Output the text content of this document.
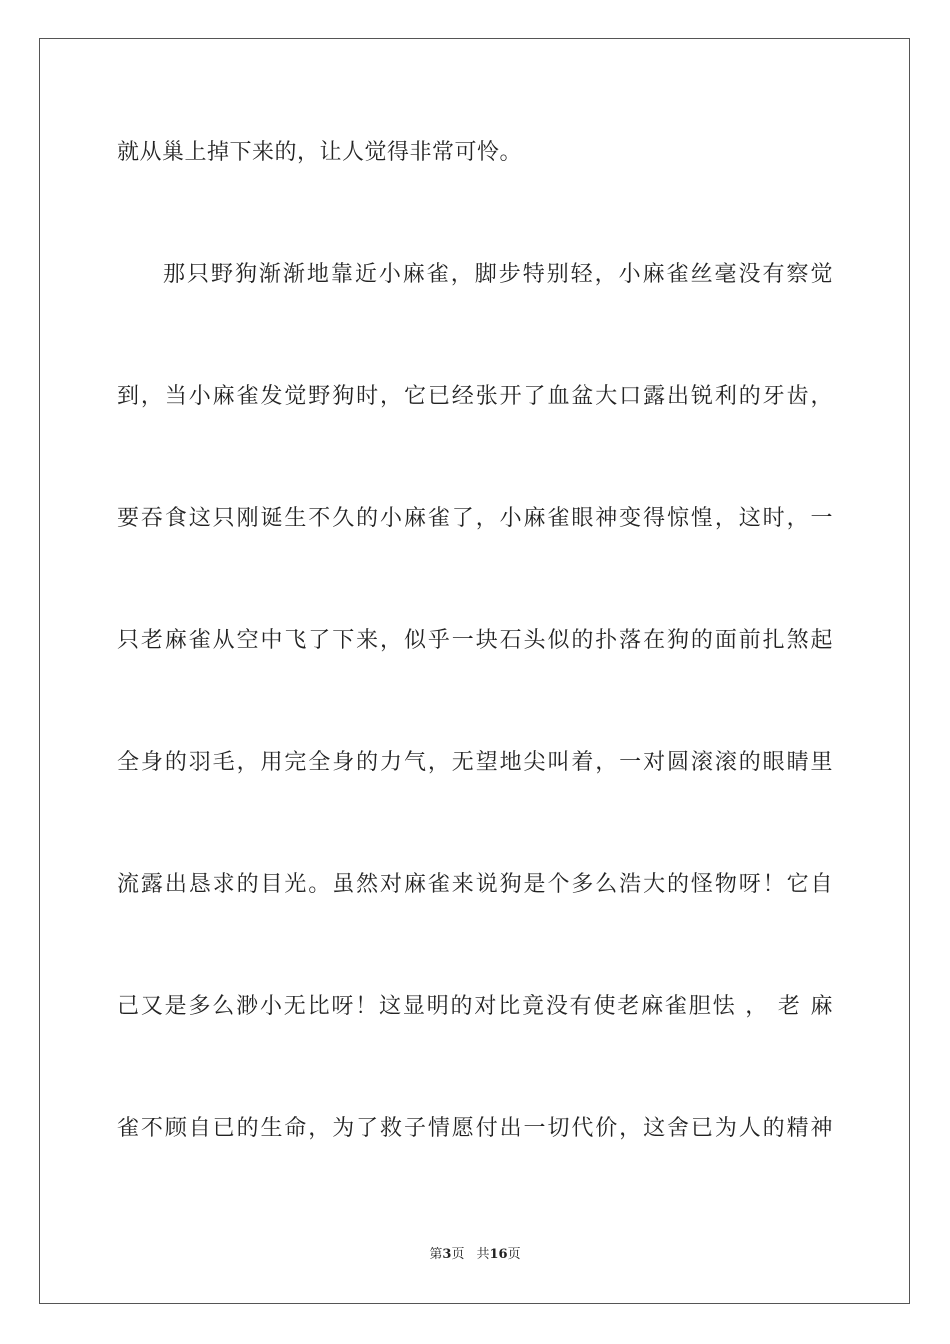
就从巢上掉下来的，让人觉得非常可怜。
那只野狗渐渐地靠近小麻雀，脚步特别轻，小麻雀丝毫没有察觉
到，当小麻雀发觉野狗时，它已经张开了血盆大口露出锐利的牙齿，
要吞食这只刚诞生不久的小麻雀了，小麻雀眼神变得惊惶，这时，一
只老麻雀从空中飞了下来，似乎一块石头似的扑落在狗的面前扎煞起
全身的羽毛，用完全身的力气，无望地尖叫着，一对圆滚滚的眼睛里
流露出恳求的目光。虽然对麻雀来说狗是个多么浩大的怪物呀！它自
己又是多么渺小无比呀！这显明的对比竟没有使老麻雀胆怯 ， 老 麻
雀不顾自已的生命，为了救子情愿付出一切代价，这舍已为人的精神
第3页 共16页
